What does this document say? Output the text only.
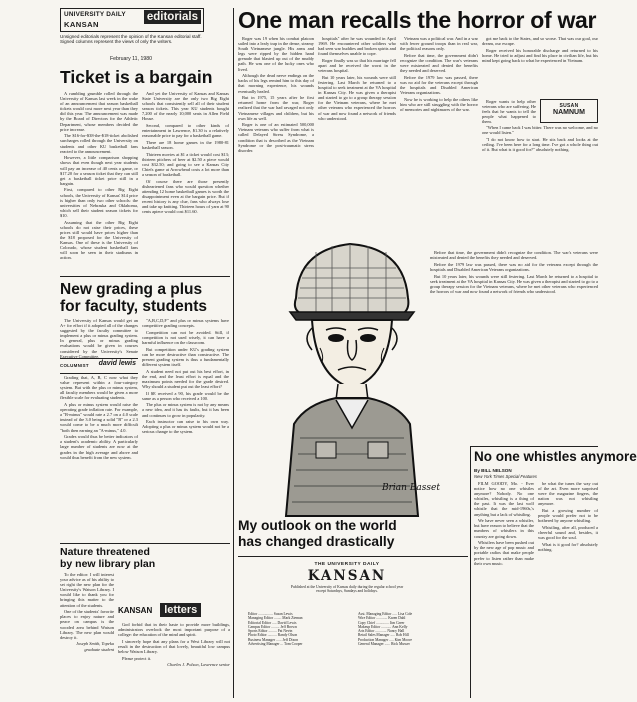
UNIVERSITY DAILY
KANSAN
editorials
Unsigned editorials represent the opinion of the Kansan editorial staff. Signed columns represent the views of only the writers.
February 11, 1980
Ticket is a bargain

A rumbling grumble rolled through the University of Kansas last week in the wake of an announcement that season basketball tickets would cost more next year than they did this year. The announcement was made by the Board of Directors for the Athletic Department, whose members decided the price increase.

The $16-for-$38-the-$18-ticket abolished surcharges rolled through the University on students and other KU basketball fans reacted to the announcement.

However, a little comparison shopping shows that even though next year students will pay an increase of 40 cents a game, or $17.20 for a season ticket that they can still get a basketball ticket price still in a bargain.

First, compared to other Big Eight schools, the University of Kansas' $14 price is higher than only two other schools: the universities of Nebraska and Oklahoma, which sell their student season tickets for $10.

Assuming that the other Big Eight schools do not raise their prices, these prices still would have prices higher than the $18 proposed for the University of Kansas. One of these is the University of Colorado, whose student basketball fans will soon be seen in their stadiums in action.

And yet the University of Kansas and Kansas State University are the only two Big Eight schools that consistently sell all of their student season tickets. This year KU students bought 7,200 of the nearly 10,000 seats in Allen Field House.

Second, compared to other kinds of entertainment in Lawrence, $1.30 is a relatively reasonable price to pay for a basketball game.

There are 18 home games in the 1980-81 basketball season.

Thirteen movies at $1 a ticket would cost $13; thirteen pitchers of beer at $2.50 a piece would cost $32.50; and going to see a Kansas City Chiefs game at Arrowhead costs a lot more than a season of basketball.

Of course there are those presently disheartened fans who would question whether attending 12 home basketball games is worth the disappointment even at the bargain price. But if recent history is any clue, fans who always lose and take up knitting. Thirteen hours of yarn at 90 cents apiece would cost $11.60.

New grading a plus
for faculty, students

The University of Kansas would get an A+ for effort if it adopted all of the changes suggested by the faculty committee to implement a plus or minus grading system. In general, plus or minus grading evaluations would be given in courses considered by the University's Senate Executive Committee.

COLUMNIST david lewis

Grading that, A, B, C now what they value represent within a four-category system. But with the plus or minus system, all faculty members would be given a more flexible scale for evaluating students.

A plus or minus system would raise the operating grade inflation rate. For example, a "B-minus" would rate a 2.7 on a 4.0 scale instead of the 3.0 being a solid "B" or a 2.3 would come to be a much more difficult "both then earning an "A-minus," 4.0.

Grades would thus be better indicators of a student's academic ability. A particularly large number of students are now at the grades in the high average and above and would thus benefit from the new system.

"A,B,C,D,F" and plus or minus systems have competitive grading concepts.

Competition can not be avoided. Still, if competition is not used wisely, it can have a harmful influence on the classroom.

But competition under KU's grading system can be more destructive than constructive. The present grading system is thus a fundamentally different system itself.

A student need not put out his best effort, in the end, and the least effort is equal and the maximum points needed for the grade desired. Why should a student put out the least effort?

If $E received a 90, his grade would be the same as a person who received a 100.

The plus or minus system is not by any means a new idea, and it has its faults, but it has been and continues to grow in popularity.

Each instructor can raise to his own way. Adopting a plus or minus system would not be a serious change to the system.

Nature threatened
by new library plan

To the editor: I will interest your advice as of his ability to set right the new plan for the University's Watson Library. I would like to thank you for bringing this matter to the attention of the students.

One of the students' favorite places to enjoy nature and peace on campus is the wooded area behind Watson Library. The new plan would destroy it.

Joseph Smith, Topeka graduate student

KANSAN letters

God forbid that in their haste to provide more buildings, administrators overlook the most important purpose of a college: the education of the mind and spirit.

I sincerely hope that any plans for a West Library will not result in the destruction of that lovely, beautiful low campus below Watson Library.

Please protect it.

Charles J. Polson, Lawrence senior

One man recalls the horror of war

Roger was 19 when his combat platoon sailed into a leafy trap in the dense, steamy South Vietnamese jungle. His arms and legs were ripped by the hidden hand grenade that blasted up out of the muddy path. He was one of the lucky ones who lived.

Although the dead nerve endings on the backs of his legs remind him to this day of that morning experience, his wounds eventually healed.

But in 1975, 15 years after he first returned home from the war, Roger realized that the war had ravaged not only Vietnamese villages and children, but his own life as well.

Roger is one of an estimated 500,000 Vietnam veterans who suffer from what is called Delayed Stress Syndrome, a condition that is described as the Vietnam Syndrome or the post-traumatic stress disorder.

hospitals" after he was wounded in April 1969. He encountered other soldiers who had seen war buddies and broken spirits and found themselves unable to cope.

Roger finally was so that his marriage fell apart and he received the worst in the veterans hospital.

But 10 years later, his wounds were still festering. Last March he returned to a hospital to seek treatment at the VA hospital in Kansas City. He was given a therapist and started to go to a group therapy session for the Vietnam veterans, where he met other veterans who experienced the horrors of war and now found a network of friends who understood.

Vietnam was a political war. And in a war with fewer ground troops than in real war, the political reasons only.

Before that time, the government didn't recognize the condition. The war's veterans were mistreated and denied the benefits they needed and deserved.

Before the 1979 law was passed, there was no aid for the veterans except through the hospitals and Disabled American Veterans organizations.

Now he is working to help the others like him who are still struggling with the horror of memories and nightmares of the war.

got me back to the States, and so worse. That was our goal, our dream, our escape.

Roger received his honorable discharge and returned to his home. He tried to adjust and find his place in civilian life, but his mind kept going back to what he experienced in Vietnam.

SUSAN
NAMNUM

Roger wants to help other veterans who are suffering. He feels that he wants to tell the people what happened to them.

"When I came back I was bitter. There was no welcome, and no one would listen."

"I do not know how to start. He sits back and looks at the ceiling. I've been here for a long time. I've got a whole thing out of it. But what is it good for?" absolutely nothing.

Brian Basset
My outlook on the world
has changed drastically
THE UNIVERSITY DAILY
KANSAN
Published at the University of Kansas daily during the regular school year except Saturdays, Sundays and holidays.
Editor ................ Susan Lewis
Managing Editor ........ Mark Zieman
Editorial Editor ..... David Lewis
Campus Editor ......... Jeff Brown
Sports Editor ......... Pat Nevin
Photo Editor .......... Randy Olson
Business Manager ...... Jeff Dixon
Advertising Manager ... Tom Cooper
Asst. Managing Editor ..... Lisa Cole
Wire Editor ............ Karen Dahl
Copy Chief .............. Jim Greer
Makeup Editor ........... Ann Kelly
Arts Editor ............ Nancy Hall
Retail Sales Manager ..... Rob Hill
Production Manager ..... Kim Moore
General Manager ...... Rick Musser

Before that time, the government didn't recognize the condition. The war's veterans were mistreated and denied the benefits they needed and deserved.

Before the 1979 law was passed, there was no aid for the veterans except through the hospitals and Disabled American Veterans organizations.

But 10 years later, his wounds were still festering. Last March he returned to a hospital to seek treatment at the VA hospital in Kansas City. He was given a therapist and started to go to a group therapy session for the Vietnam veterans, where he met other veterans who experienced the horrors of war and now found a network of friends who understood.

No one whistles anymore
By BILL NELSON
New York Times Special Features

FILM GOODY, Mo. - Ever notice how no one whistles anymore? Nobody. No one whistles, whistling is a thing of the past. It was the last wolf whistle that the mid-1960s,'s anything but a lack of whistling.

We have never seen a whistler, but have reason to believe that the numbers of whistlers in this country are going down.

Whistlers have been pushed out by the new age of pop music and portable radios that make people prefer to listen rather than make their own music.

be what the tunes the way out of the art. Even more surprised were the magazine fingers, the nation was not whistling anymore.

But a growing number of people would prefer not to be bothered by anyone whistling.

Whistling, after all, produced a cheerful sound and, besides, it was good for the soul.

What is it good for? absolutely nothing.
